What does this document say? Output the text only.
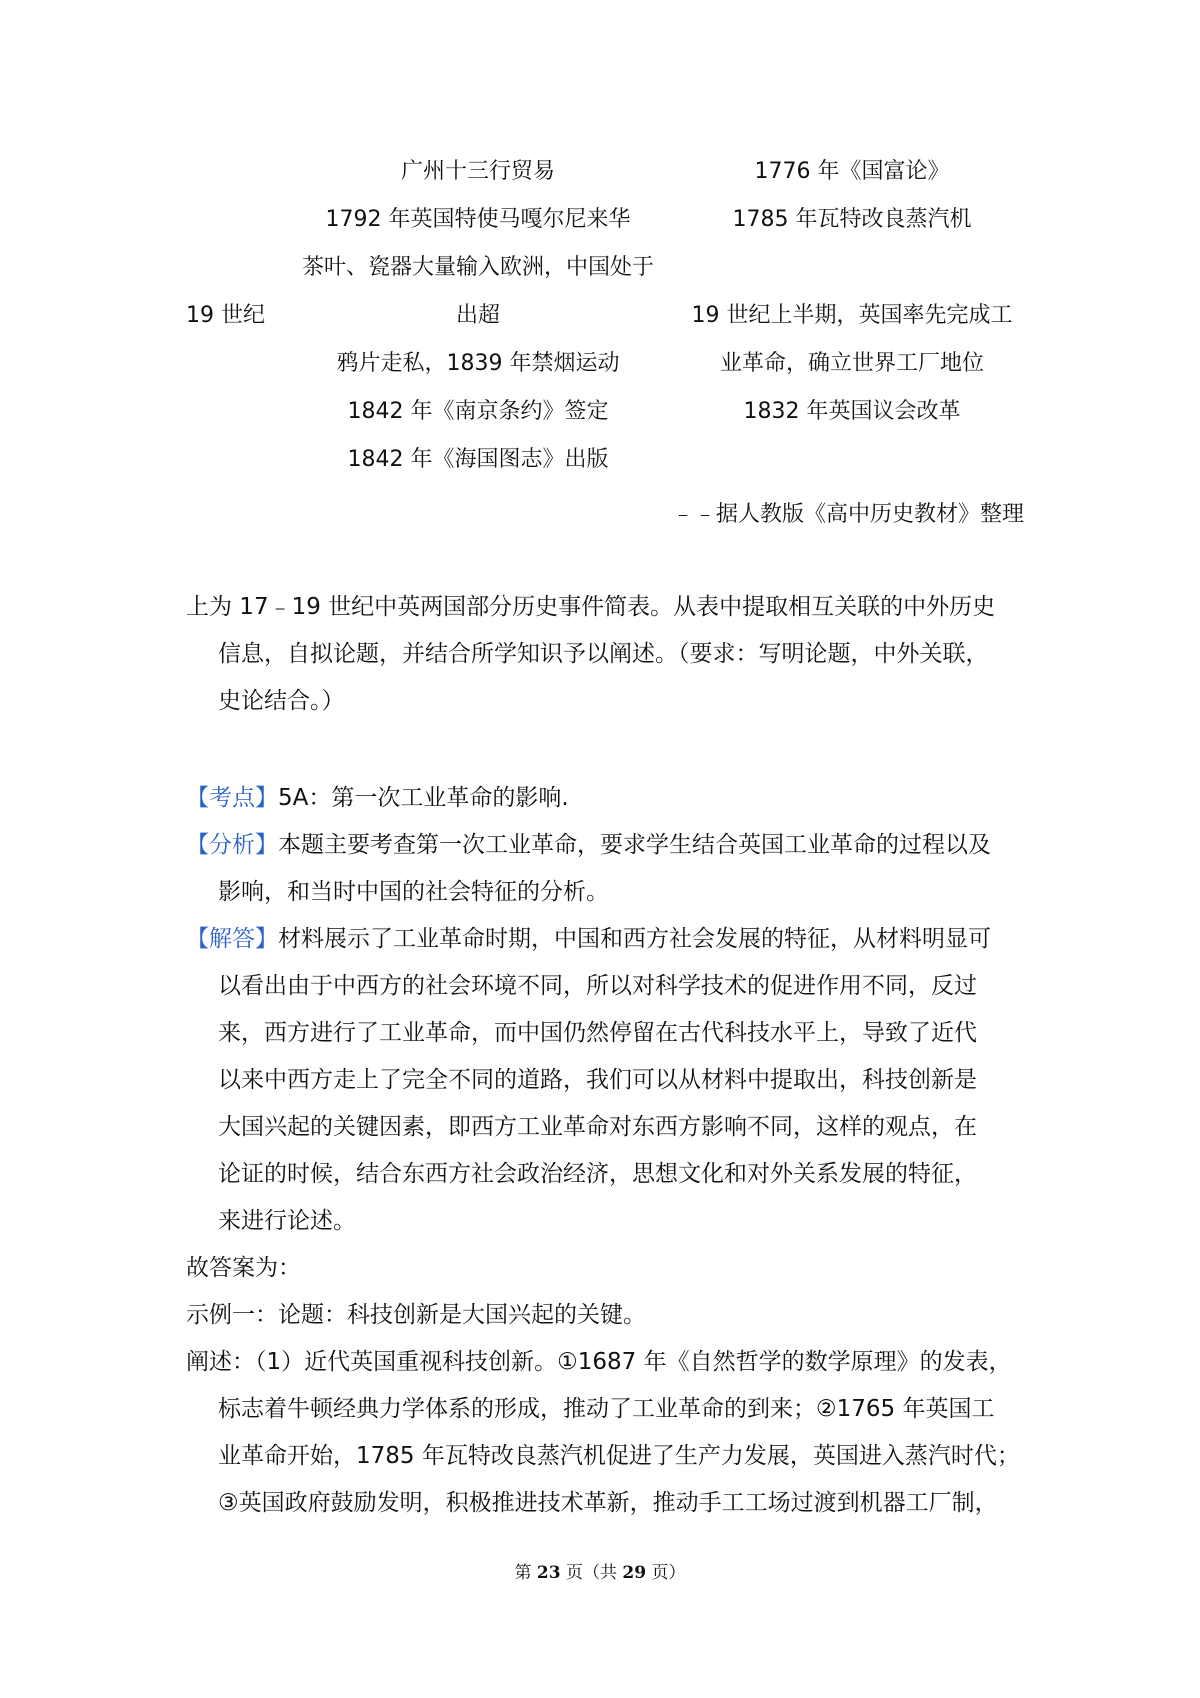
广州十三行贸易
1792 年英国特使马嘎尔尼来华
茶叶、瓷器大量输入欧洲，中国处于
出超
鸦片走私，1839 年禁烟运动
1842 年《南京条约》签定
1842 年《海国图志》出版
19 世纪
1776 年《国富论》
1785 年瓦特改良蒸汽机
19 世纪上半期，英国率先完成工
业革命，确立世界工厂地位
1832 年英国议会改革
﹣﹣据人教版《高中历史教材》整理
上为 17﹣19 世纪中英两国部分历史事件简表。从表中提取相互关联的中外历史
信息，自拟论题，并结合所学知识予以阐述。（要求：写明论题，中外关联，
史论结合。）
【考点】5A：第一次工业革命的影响.
【分析】本题主要考查第一次工业革命，要求学生结合英国工业革命的过程以及
影响，和当时中国的社会特征的分析。
【解答】材料展示了工业革命时期，中国和西方社会发展的特征，从材料明显可
以看出由于中西方的社会环境不同，所以对科学技术的促进作用不同，反过
来，西方进行了工业革命，而中国仍然停留在古代科技水平上，导致了近代
以来中西方走上了完全不同的道路，我们可以从材料中提取出，科技创新是
大国兴起的关键因素，即西方工业革命对东西方影响不同，这样的观点，在
论证的时候，结合东西方社会政治经济，思想文化和对外关系发展的特征，
来进行论述。
故答案为：
示例一：论题：科技创新是大国兴起的关键。
阐述：（1）近代英国重视科技创新。①1687 年《自然哲学的数学原理》的发表，
标志着牛顿经典力学体系的形成，推动了工业革命的到来；②1765 年英国工
业革命开始，1785 年瓦特改良蒸汽机促进了生产力发展，英国进入蒸汽时代；
③英国政府鼓励发明，积极推进技术革新，推动手工工场过渡到机器工厂制，
第 23 页（共 29 页）
